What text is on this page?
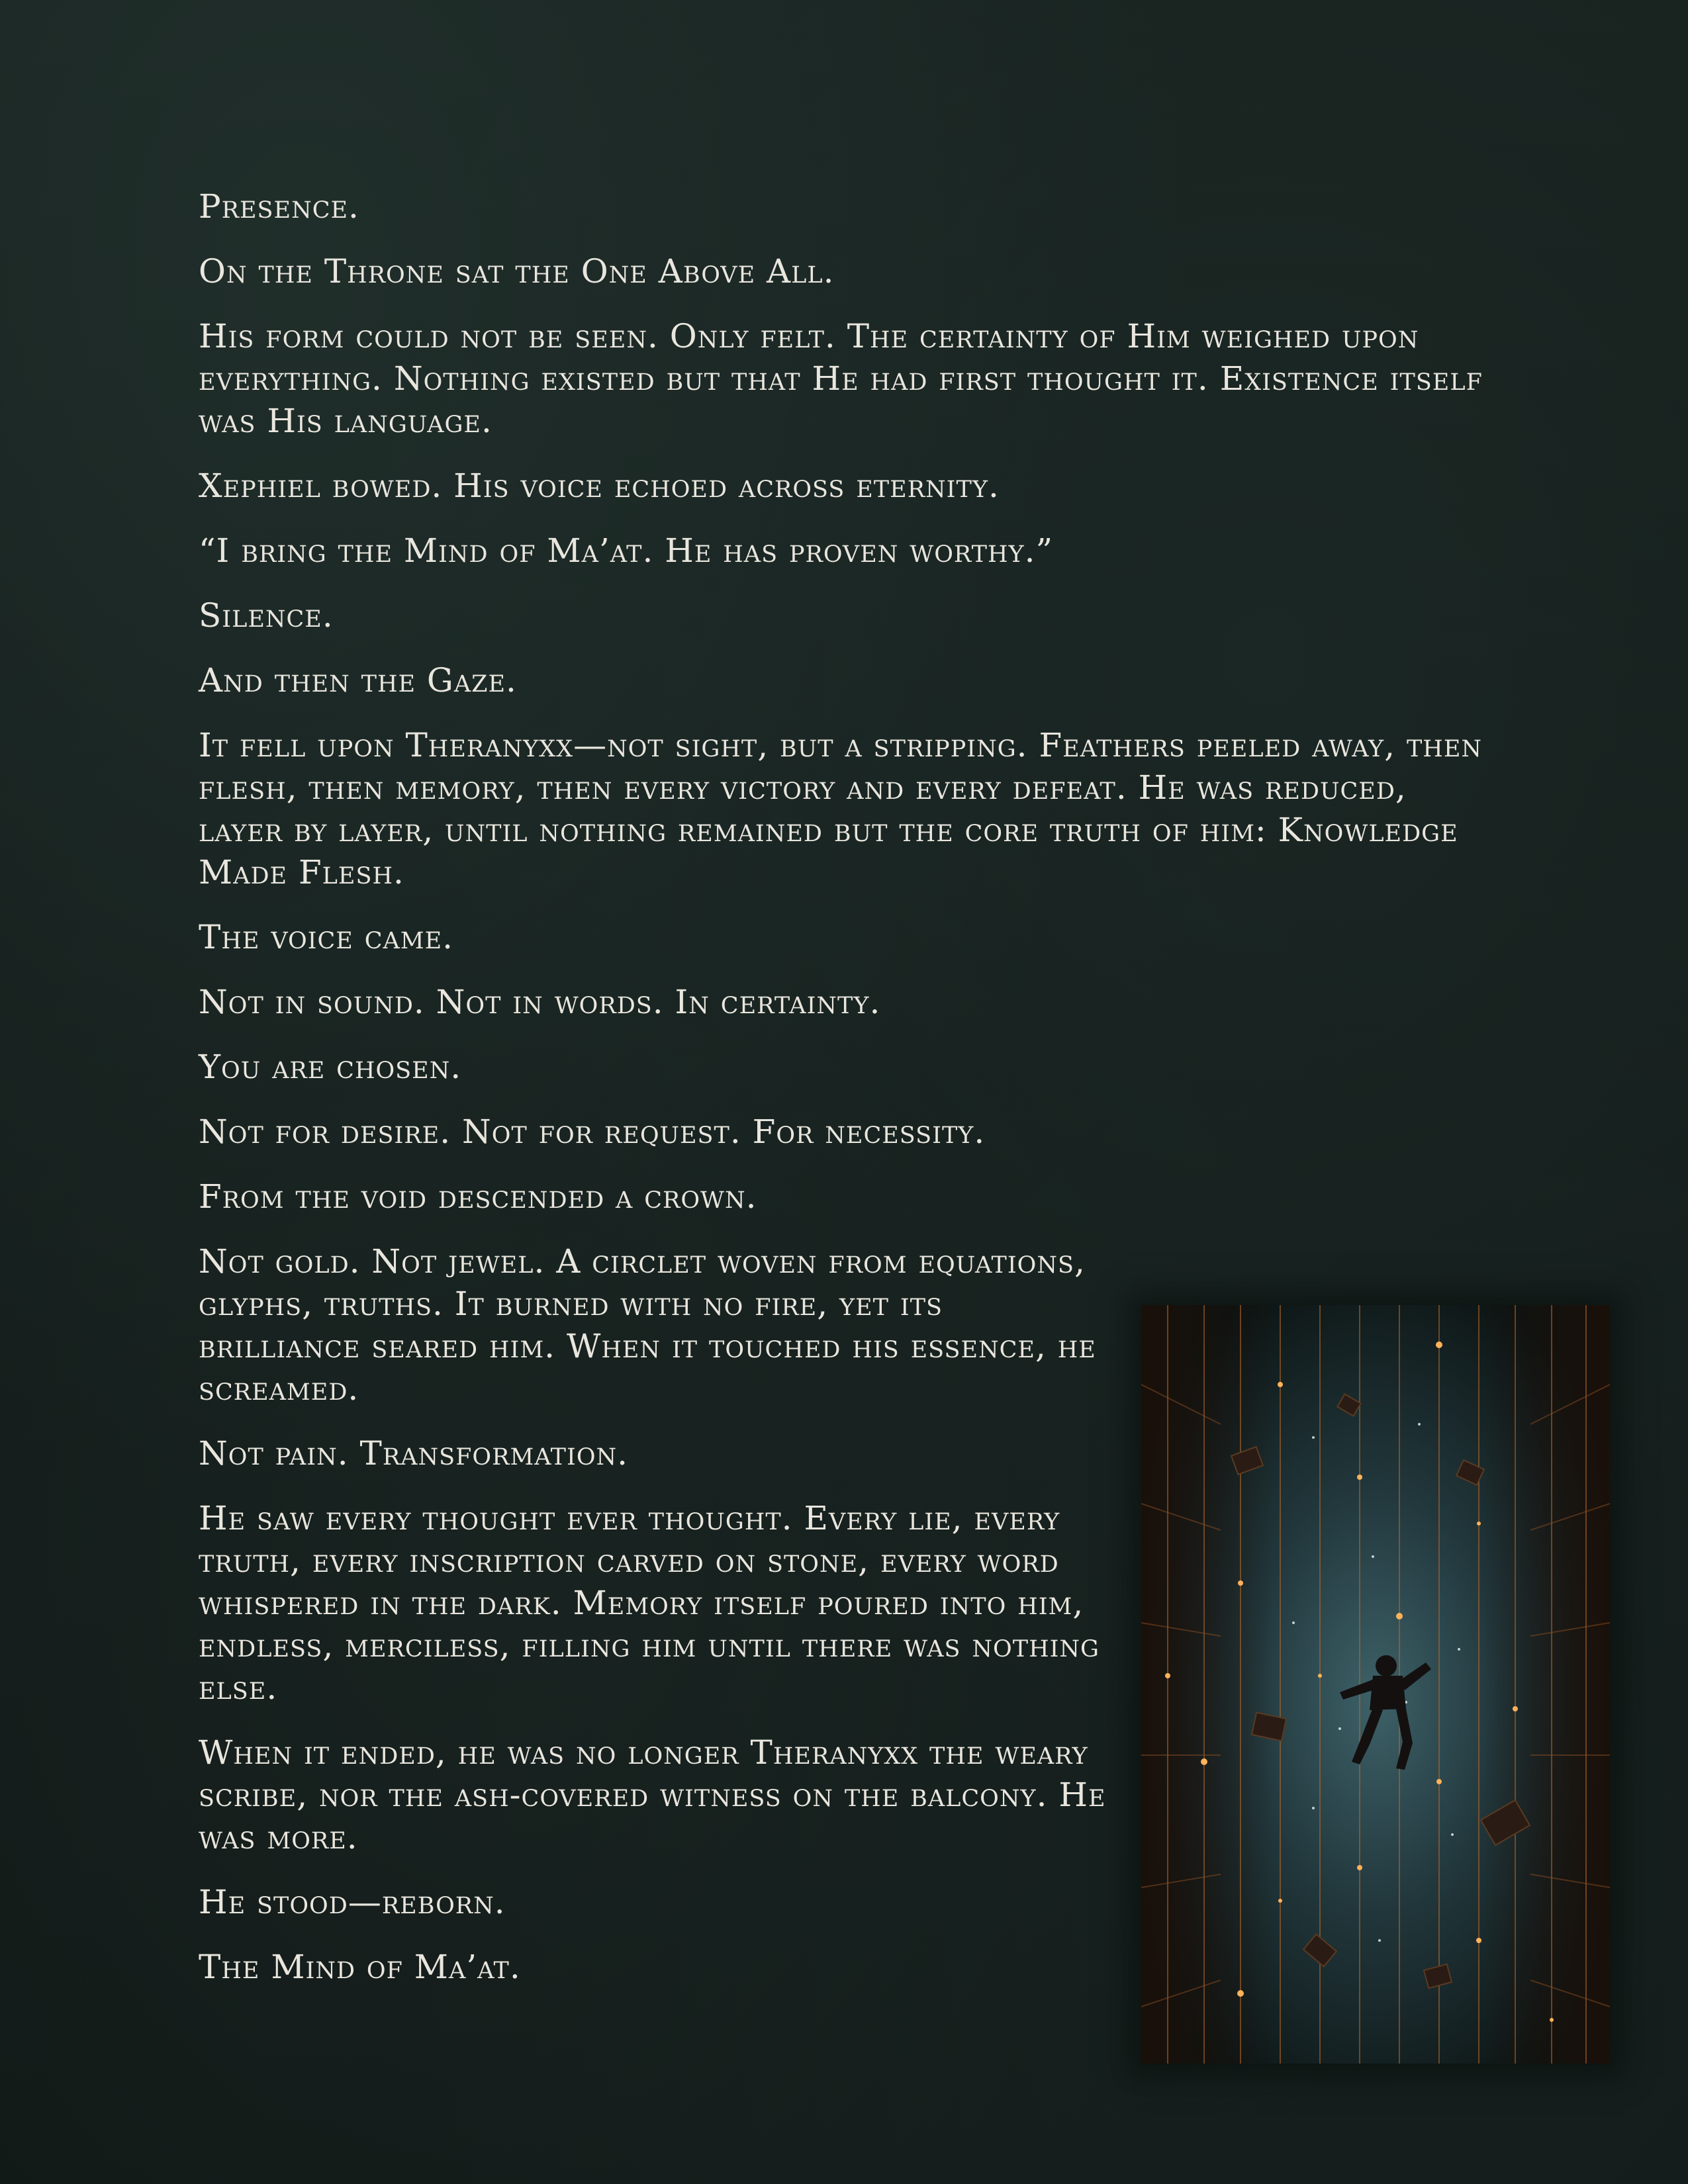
Presence.

On the Throne sat the One Above All.

His form could not be seen. Only felt. The certainty of Him weighed upon everything. Nothing existed but that He had first thought it. Existence itself was His language.

Xephiel bowed. His voice echoed across eternity.

“I bring the Mind of Ma’at. He has proven worthy.”

Silence.

And then the Gaze.

It fell upon Theranyxx—not sight, but a stripping. Feathers peeled away, then flesh, then memory, then every victory and every defeat. He was reduced, layer by layer, until nothing remained but the core truth of him: Knowledge Made Flesh.

The voice came.

Not in sound. Not in words. In certainty.

You are chosen.

Not for desire. Not for request. For necessity.

From the void descended a crown.

Not gold. Not jewel. A circlet woven from equations, glyphs, truths. It burned with no fire, yet its brilliance seared him. When it touched his essence, he screamed.

Not pain. Transformation.

He saw every thought ever thought. Every lie, every truth, every inscription carved on stone, every word whispered in the dark. Memory itself poured into him, endless, merciless, filling him until there was nothing else.

When it ended, he was no longer Theranyxx the weary scribe, nor the ash-covered witness on the balcony. He was more.

He stood—reborn.

The Mind of Ma’at.
